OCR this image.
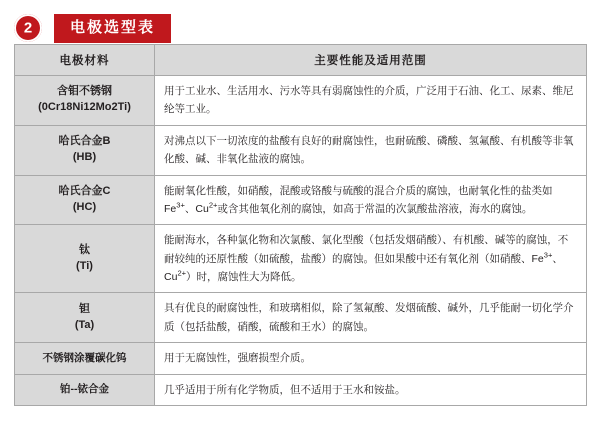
2	电极选型表
电极材料	主要性能及适用范围

含钼不锈钢
(0Cr18Ni12Mo2Ti)	用于工业水、生活用水、污水等具有弱腐蚀性的介质，广泛用于石油、化工、尿素、维尼纶等工业。

哈氏合金B
(HB)	对沸点以下一切浓度的盐酸有良好的耐腐蚀性，也耐硫酸、磷酸、氢氟酸、有机酸等非氧化酸、碱、非氧化盐液的腐蚀。

哈氏合金C
(HC)	能耐氧化性酸，如硝酸，混酸或铬酸与硫酸的混合介质的腐蚀，也耐氧化性的盐类如$Fe^{3+}$、$Cu^{2+}$或含其他氧化剂的腐蚀，如高于常温的次氯酸盐溶液，海水的腐蚀。

钛
(Ti)	能耐海水，各种氯化物和次氯酸、氯化型酸（包括发烟硝酸）、有机酸、碱等的腐蚀，不耐较纯的还原性酸（如硫酸，盐酸）的腐蚀。但如果酸中还有氧化剂（如硝酸、$Fe^{3+}$、$Cu^{2+}$）时，腐蚀性大为降低。

钽
(Ta)	具有优良的耐腐蚀性，和玻璃相似，除了氢氟酸、发烟硫酸、碱外，几乎能耐一切化学介质（包括盐酸，硝酸，硫酸和王水）的腐蚀。
不锈钢涂覆碳化钨	用于无腐蚀性，强磨损型介质。
铂--铱合金	几乎适用于所有化学物质，但不适用于王水和铵盐。
